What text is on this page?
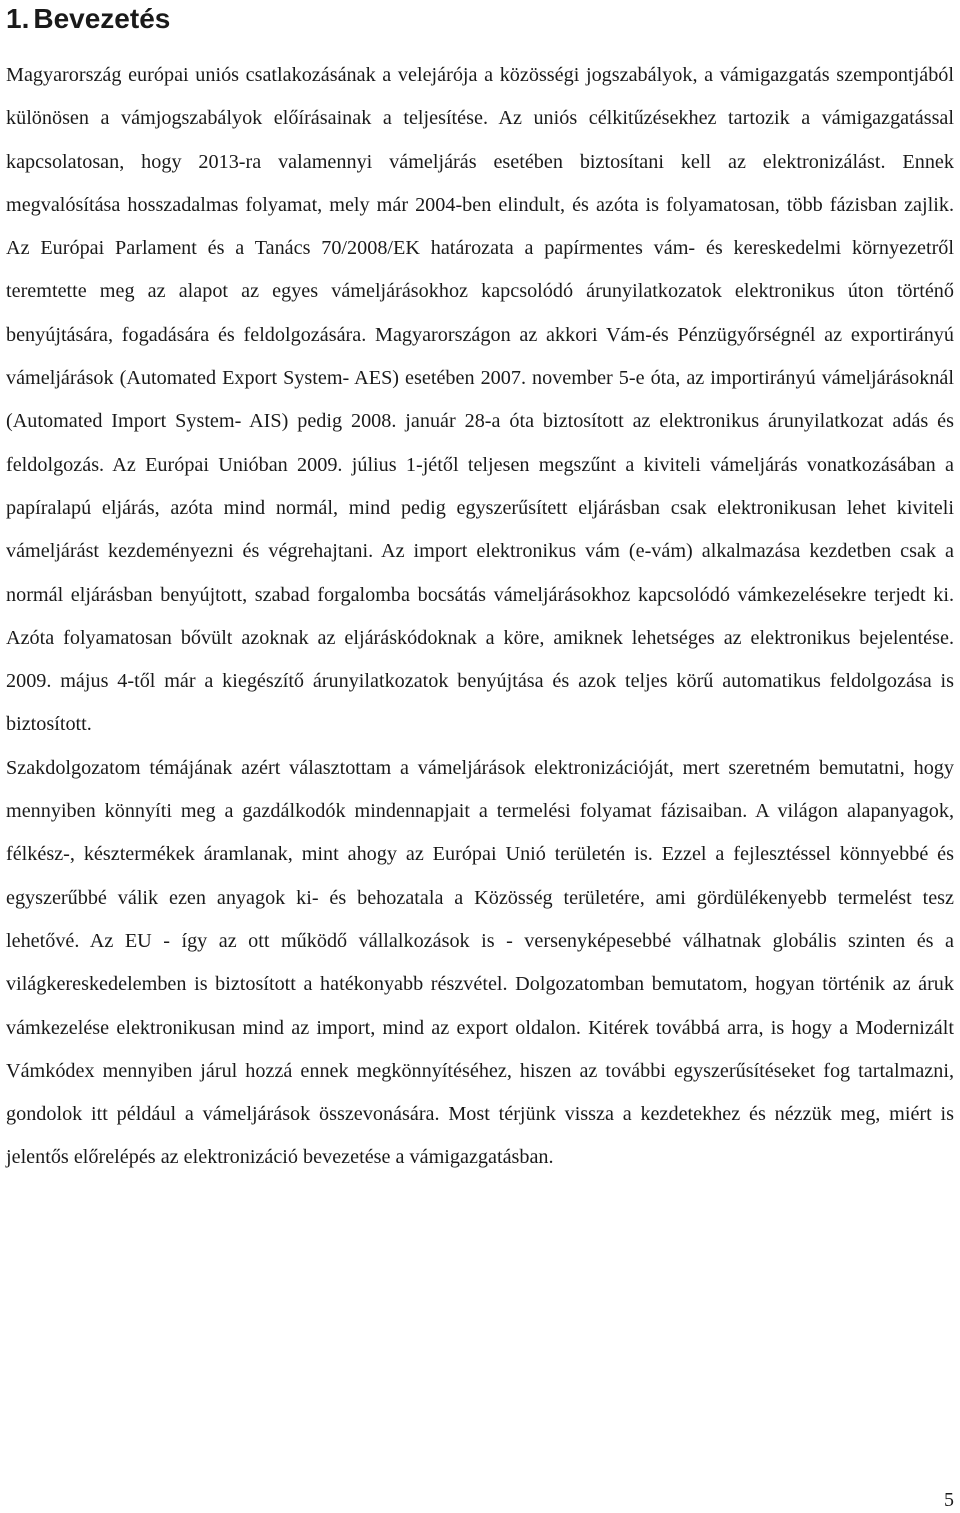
1. Bevezetés

Magyarország európai uniós csatlakozásának a velejárója a közösségi jogszabályok, a vámigazgatás szempontjából különösen a vámjogszabályok előírásainak a teljesítése. Az uniós célkitűzésekhez tartozik a vámigazgatással kapcsolatosan, hogy 2013-ra valamennyi vámeljárás esetében biztosítani kell az elektronizálást. Ennek megvalósítása hosszadalmas folyamat, mely már 2004-ben elindult, és azóta is folyamatosan, több fázisban zajlik. Az Európai Parlament és a Tanács 70/2008/EK határozata a papírmentes vám- és kereskedelmi környezetről teremtette meg az alapot az egyes vámeljárásokhoz kapcsolódó árunyilatkozatok elektronikus úton történő benyújtására, fogadására és feldolgozására. Magyarországon az akkori Vám-és Pénzügyőrségnél az exportirányú vámeljárások (Automated Export System- AES) esetében 2007. november 5-e óta, az importirányú vámeljárásoknál (Automated Import System- AIS) pedig 2008. január 28-a óta biztosított az elektronikus árunyilatkozat adás és feldolgozás. Az Európai Unióban 2009. július 1-jétől teljesen megszűnt a kiviteli vámeljárás vonatkozásában a papíralapú eljárás, azóta mind normál, mind pedig egyszerűsített eljárásban csak elektronikusan lehet kiviteli vámeljárást kezdeményezni és végrehajtani. Az import elektronikus vám (e-vám) alkalmazása kezdetben csak a normál eljárásban benyújtott, szabad forgalomba bocsátás vámeljárásokhoz kapcsolódó vámkezelésekre terjedt ki. Azóta folyamatosan bővült azoknak az eljáráskódoknak a köre, amiknek lehetséges az elektronikus bejelentése. 2009. május 4-től már a kiegészítő árunyilatkozatok benyújtása és azok teljes körű automatikus feldolgozása is biztosított.

Szakdolgozatom témájának azért választottam a vámeljárások elektronizációját, mert szeretném bemutatni, hogy mennyiben könnyíti meg a gazdálkodók mindennapjait a termelési folyamat fázisaiban. A világon alapanyagok, félkész-, késztermékek áramlanak, mint ahogy az Európai Unió területén is. Ezzel a fejlesztéssel könnyebbé és egyszerűbbé válik ezen anyagok ki- és behozatala a Közösség területére, ami gördülékenyebb termelést tesz lehetővé. Az EU - így az ott működő vállalkozások is - versenyképesebbé válhatnak globális szinten és a világkereskedelemben is biztosított a hatékonyabb részvétel. Dolgozatomban bemutatom, hogyan történik az áruk vámkezelése elektronikusan mind az import, mind az export oldalon. Kitérek továbbá arra, is hogy a Modernizált Vámkódex mennyiben járul hozzá ennek megkönnyítéséhez, hiszen az további egyszerűsítéseket fog tartalmazni, gondolok itt például a vámeljárások összevonására. Most térjünk vissza a kezdetekhez és nézzük meg, miért is jelentős előrelépés az elektronizáció bevezetése a vámigazgatásban.

5
